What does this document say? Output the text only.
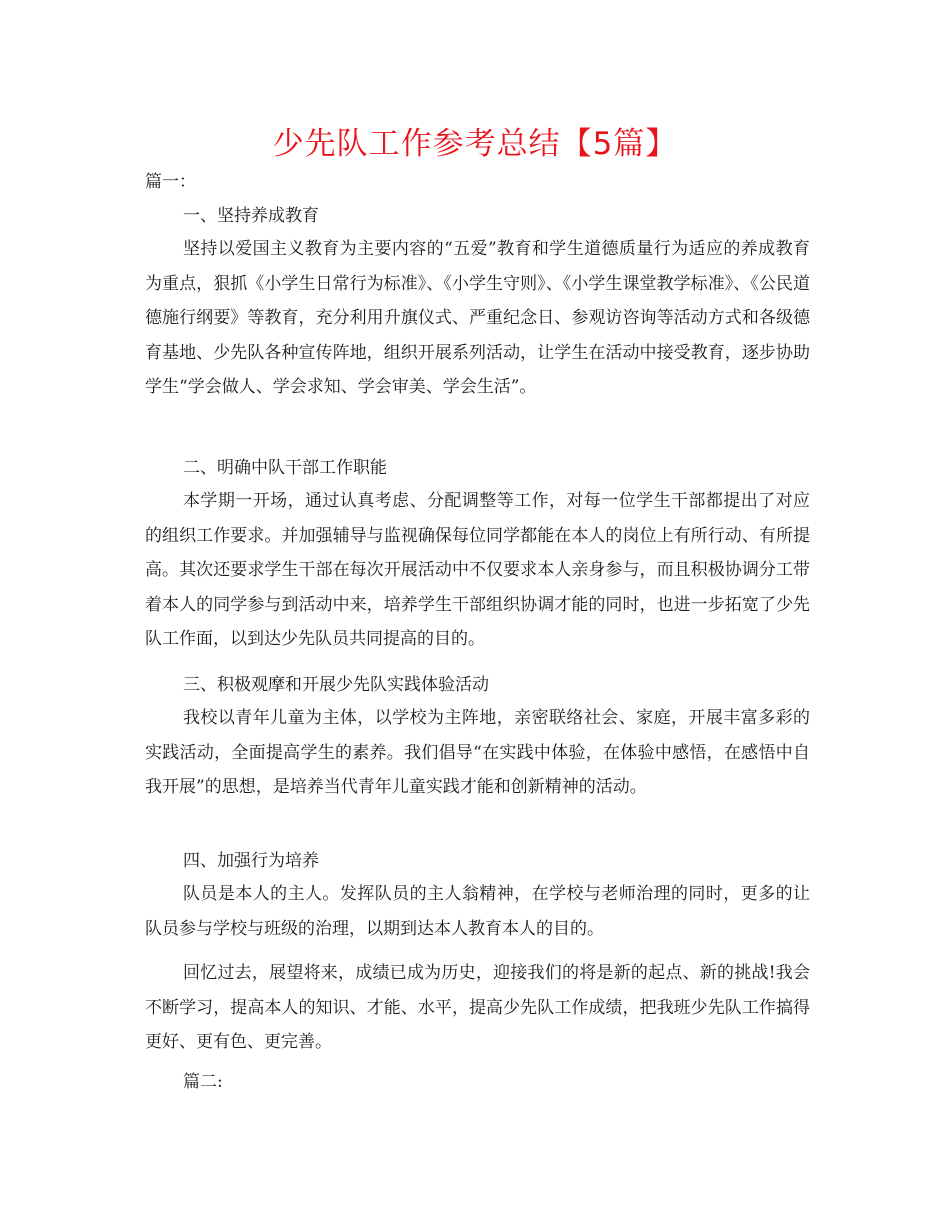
少先队工作参考总结【5篇】
篇一：
一、坚持养成教育
坚持以爱国主义教育为主要内容的“五爱”教育和学生道德质量行为适应的养成教育为重点，狠抓《小学生日常行为标准》、《小学生守则》、《小学生课堂教学标准》、《公民道德施行纲要》等教育，充分利用升旗仪式、严重纪念日、参观访咨询等活动方式和各级德育基地、少先队各种宣传阵地，组织开展系列活动，让学生在活动中接受教育，逐步协助学生“学会做人、学会求知、学会审美、学会生活”。
二、明确中队干部工作职能
本学期一开场，通过认真考虑、分配调整等工作，对每一位学生干部都提出了对应的组织工作要求。并加强辅导与监视确保每位同学都能在本人的岗位上有所行动、有所提高。其次还要求学生干部在每次开展活动中不仅要求本人亲身参与，而且积极协调分工带着本人的同学参与到活动中来，培养学生干部组织协调才能的同时，也进一步拓宽了少先队工作面，以到达少先队员共同提高的目的。
三、积极观摩和开展少先队实践体验活动
我校以青年儿童为主体，以学校为主阵地，亲密联络社会、家庭，开展丰富多彩的实践活动，全面提高学生的素养。我们倡导“在实践中体验，在体验中感悟，在感悟中自我开展”的思想，是培养当代青年儿童实践才能和创新精神的活动。
四、加强行为培养
队员是本人的主人。发挥队员的主人翁精神，在学校与老师治理的同时，更多的让队员参与学校与班级的治理，以期到达本人教育本人的目的。
回忆过去，展望将来，成绩已成为历史，迎接我们的将是新的起点、新的挑战!我会不断学习，提高本人的知识、才能、水平，提高少先队工作成绩，把我班少先队工作搞得更好、更有色、更完善。
篇二:
